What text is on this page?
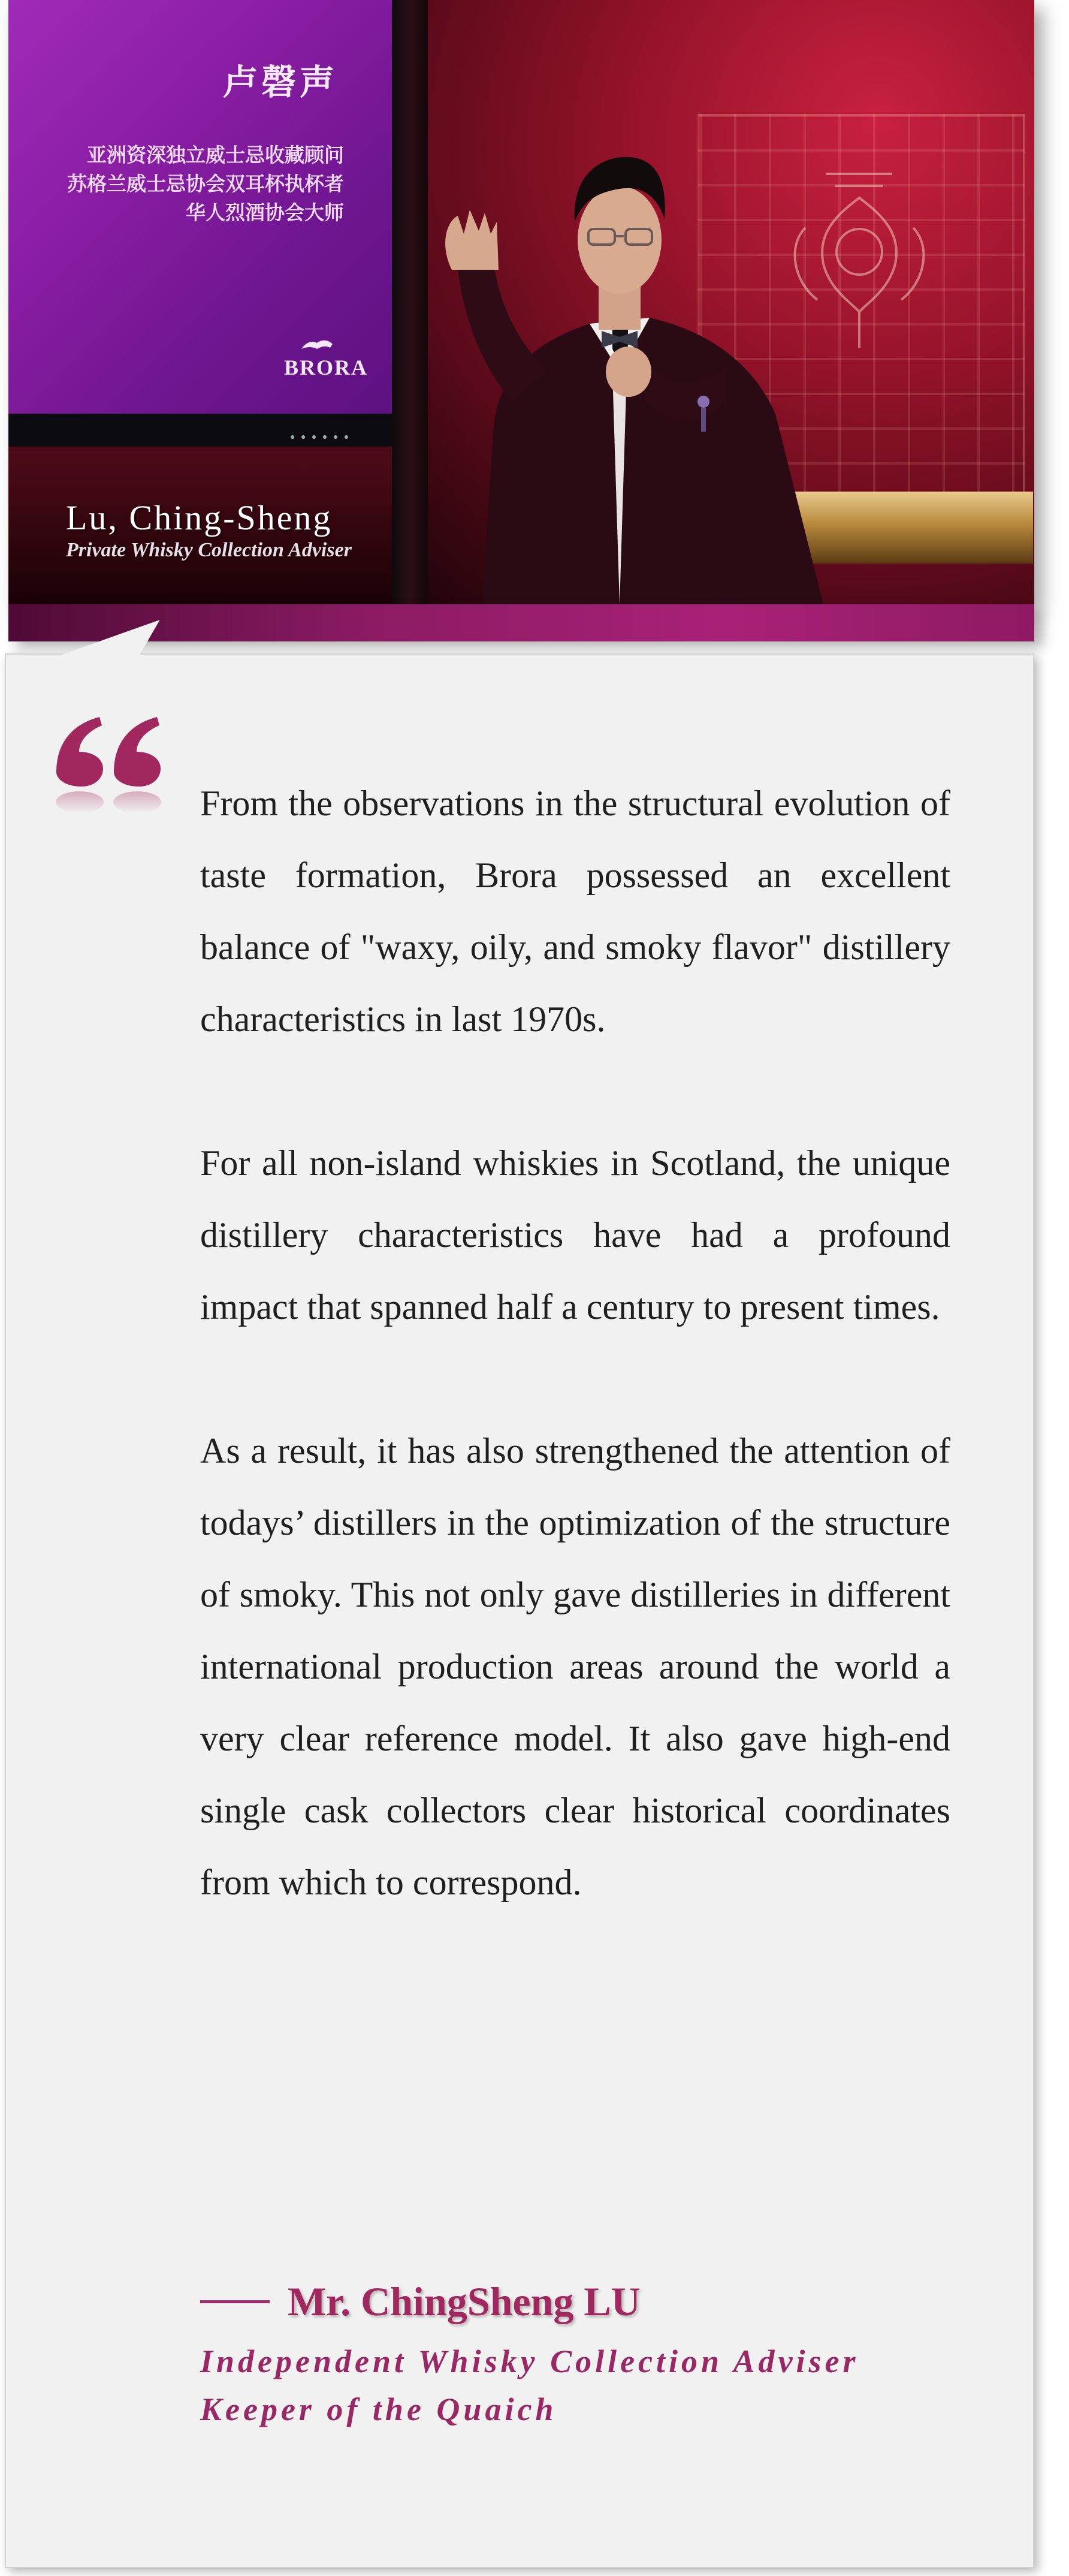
卢磬声
亚洲资深独立威士忌收藏顾问
苏格兰威士忌协会双耳杯执杯者
华人烈酒协会大师
BRORA
● ● ● ● ● ●
Lu, Ching-Sheng
Private Whisky Collection Adviser
From the observations in the structural evolution of taste formation, Brora possessed an excellent balance of "waxy, oily, and smoky flavor" distillery characteristics in last 1970s.
For all non-island whiskies in Scotland, the unique distillery characteristics have had a profound impact that spanned half a century to present times.
As a result, it has also strengthened the attention of todays’ distillers in the optimization of the structure of smoky. This not only gave distilleries in different international production areas around the world a very clear reference model. It also gave high-end single cask collectors clear historical coordinates from which to correspond.
Mr. ChingSheng LU
Independent Whisky Collection Adviser
Keeper of the Quaich
